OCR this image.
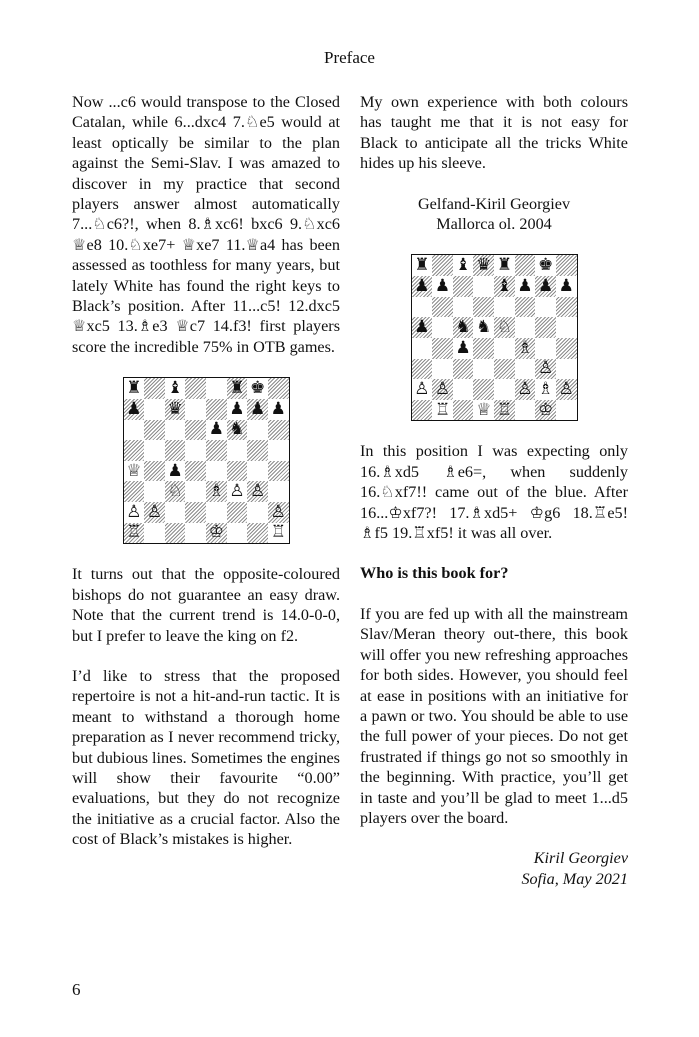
Preface

Now ...c6 would transpose to the Closed Catalan, while 6...dxc4 7.♘e5 would at least optically be similar to the plan against the Semi-Slav. I was amazed to discover in my practice that second players answer almost automatically 7...♘c6?!, when 8.♗xc6! bxc6 9.♘xc6 ♕e8 10.♘xe7+ ♕xe7 11.♕a4 has been assessed as toothless for many years, but lately White has found the right keys to Black’s position. After 11...c5! 12.dxc5 ♕xc5 13.♗e3 ♕c7 14.f3! first players score the incredible 75% in OTB games.

♜ ♝	♜ ♚
♟ ♛	♟ ♟ ♟
♟ ♞
♕ ♟
♘ ♗ ♙ ♙
♙ ♙	♙
♖	♔	♖

It turns out that the opposite-coloured bishops do not guarantee an easy draw. Note that the current trend is 14.0-0-0, but I prefer to leave the king on f2.

I’d like to stress that the proposed repertoire is not a hit-and-run tactic. It is meant to withstand a thorough home preparation as I never recommend tricky, but dubious lines. Sometimes the engines will show their favourite “0.00” evaluations, but they do not recognize the initiative as a crucial factor. Also the cost of Black’s mistakes is higher.

My own experience with both colours has taught me that it is not easy for Black to anticipate all the tricks White hides up his sleeve.

Gelfand-Kiril Georgiev

Mallorca ol. 2004

♜ ♝ ♛ ♜ ♚
♟ ♟	♝ ♟ ♟ ♟
♟ ♞ ♞ ♘
♟	♗
♙
♙ ♙	♙ ♗ ♙
♖ ♕ ♖ ♔

In this position I was expecting only 16.♗xd5 ♗e6=, when suddenly 16.♘xf7!! came out of the blue. After 16...♔xf7?! 17.♗xd5+ ♔g6 18.♖e5! ♗f5 19.♖xf5! it was all over.

Who is this book for?

If you are fed up with all the mainstream Slav/Meran theory out-there, this book will offer you new refreshing approaches for both sides. However, you should feel at ease in positions with an initiative for a pawn or two. You should be able to use the full power of your pieces. Do not get frustrated if things go not so smoothly in the beginning. With practice, you’ll get in taste and you’ll be glad to meet 1...d5 players over the board.

Kiril Georgiev

Sofia, May 2021

6
